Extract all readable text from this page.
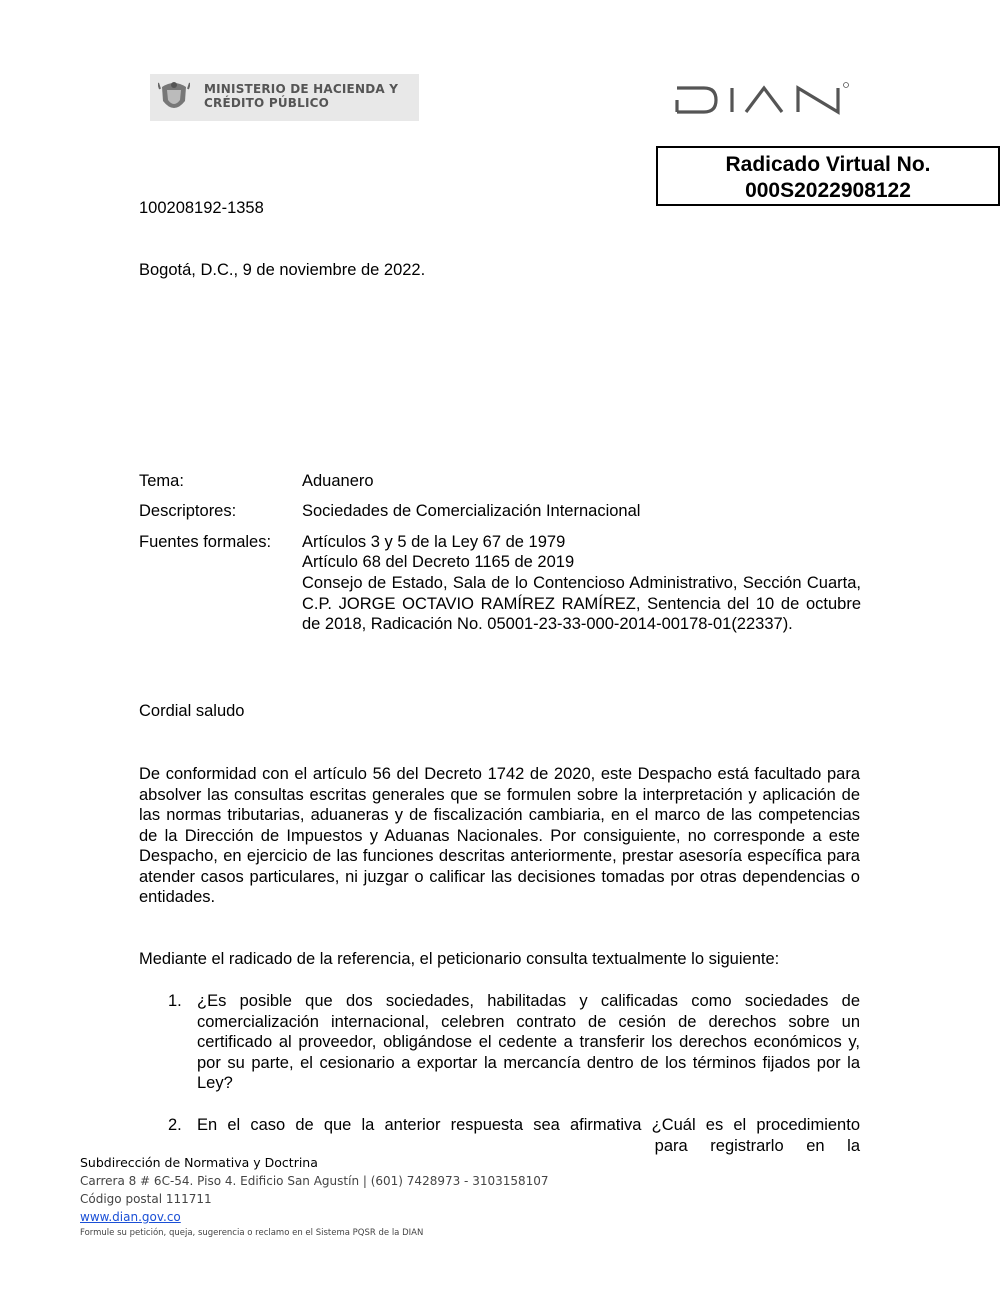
MINISTERIO DE HACIENDA Y
CRÉDITO PÚBLICO
Radicado Virtual No.
000S2022908122
100208192-1358
Bogotá, D.C., 9 de noviembre de 2022.
Tema:	Aduanero
Descriptores:	Sociedades de Comercialización Internacional
Fuentes formales: Artículos 3 y 5 de la Ley 67 de 1979
Artículo 68 del Decreto 1165 de 2019
Consejo de Estado, Sala de lo Contencioso Administrativo, Sección Cuarta, C.P. JORGE OCTAVIO RAMÍREZ RAMÍREZ, Sentencia del 10 de octubre de 2018, Radicación No. 05001-23-33-000-2014-00178-01(22337).
Cordial saludo
De conformidad con el artículo 56 del Decreto 1742 de 2020, este Despacho está facultado para absolver las consultas escritas generales que se formulen sobre la interpretación y aplicación de las normas tributarias, aduaneras y de fiscalización cambiaria, en el marco de las competencias de la Dirección de Impuestos y Aduanas Nacionales. Por consiguiente, no corresponde a este Despacho, en ejercicio de las funciones descritas anteriormente, prestar asesoría específica para atender casos particulares, ni juzgar o calificar las decisiones tomadas por otras dependencias o entidades.
Mediante el radicado de la referencia, el peticionario consulta textualmente lo siguiente:
1. ¿Es posible que dos sociedades, habilitadas y calificadas como sociedades de comercialización internacional, celebren contrato de cesión de derechos sobre un certificado al proveedor, obligándose el cedente a transferir los derechos económicos y, por su parte, el cesionario a exportar la mercancía dentro de los términos fijados por la Ley?
2. En el caso de que la anterior respuesta sea afirmativa ¿Cuál es el procedimiento
para registrarlo en la
Subdirección de Normativa y Doctrina
Carrera 8 # 6C-54. Piso 4. Edificio San Agustín | (601) 7428973 - 3103158107
Código postal 111711
www.dian.gov.co
Formule su petición, queja, sugerencia o reclamo en el Sistema PQSR de la DIAN
